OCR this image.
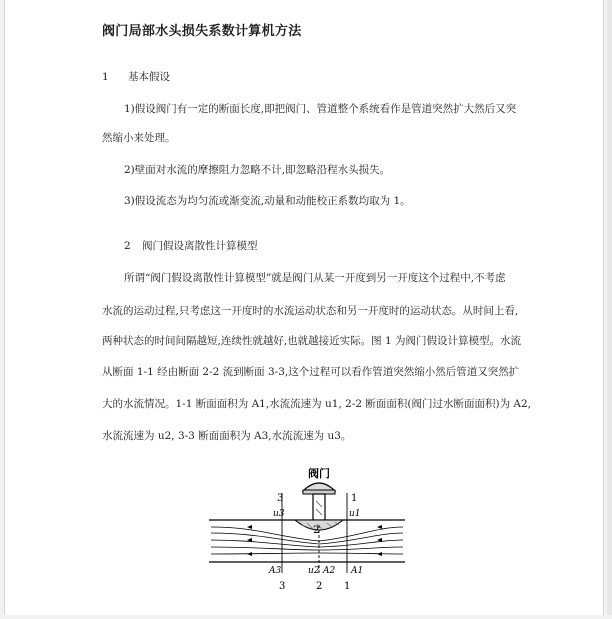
阀门局部水头损失系数计算机方法
1 基本假设
1)假设阀门有一定的断面长度,即把阀门、管道整个系统看作是管道突然扩大然后又突
然缩小来处理。
2)壁面对水流的摩擦阻力忽略不计,即忽略沿程水头损失。
3)假设流态为均匀流或渐变流,动量和动能校正系数均取为 1。
2 阀门假设离散性计算模型
所谓“阀门假设离散性计算模型”就是阀门从某一开度到另一开度这个过程中,不考虑
水流的运动过程,只考虑这一开度时的水流运动状态和另一开度时的运动状态。从时间上看,
两种状态的时间间隔越短,连续性就越好,也就越接近实际。图 1 为阀门假设计算模型。水流
从断面 1-1 经由断面 2-2 流到断面 3-3,这个过程可以看作管道突然缩小然后管道又突然扩
大的水流情况。1-1 断面面积为 A1,水流流速为 u1, 2-2 断面面积(阀门过水断面面积)为 A2,
水流流速为 u2, 3-3 断面面积为 A3,水流流速为 u3。
阀门
3	1
u3	u1
2
A3	u2 A2 A1
3	2 1
